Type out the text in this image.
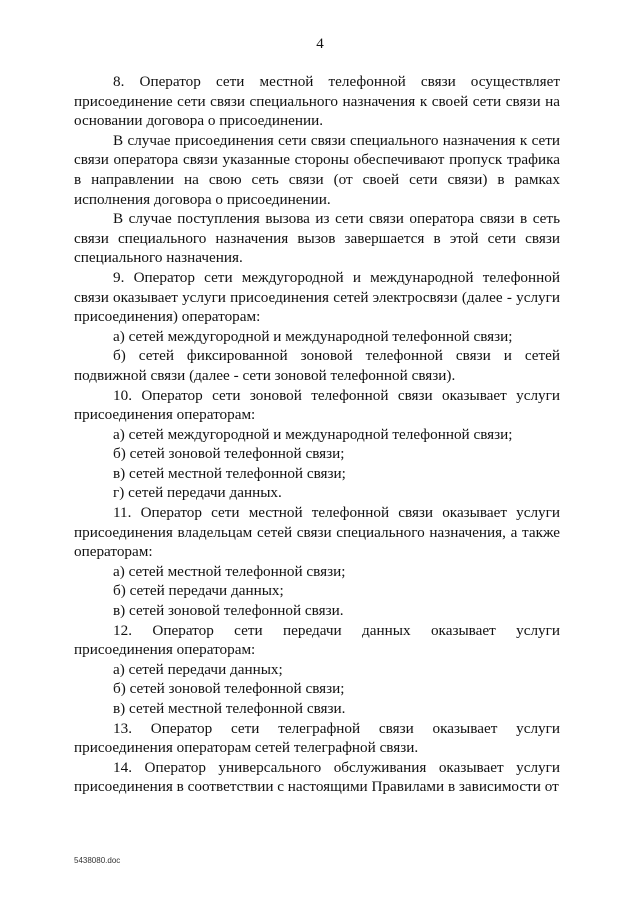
4

8. Оператор сети местной телефонной связи осуществляет присоединение сети связи специального назначения к своей сети связи на основании договора о присоединении.

В случае присоединения сети связи специального назначения к сети связи оператора связи указанные стороны обеспечивают пропуск трафика в направлении на свою сеть связи (от своей сети связи) в рамках исполнения договора о присоединении.

В случае поступления вызова из сети связи оператора связи в сеть связи специального назначения вызов завершается в этой сети связи специального назначения.

9. Оператор сети междугородной и международной телефонной связи оказывает услуги присоединения сетей электросвязи (далее - услуги присоединения) операторам:

а) сетей междугородной и международной телефонной связи;

б) сетей фиксированной зоновой телефонной связи и сетей подвижной связи (далее - сети зоновой телефонной связи).

10. Оператор сети зоновой телефонной связи оказывает услуги присоединения операторам:

а) сетей междугородной и международной телефонной связи;

б) сетей зоновой телефонной связи;

в) сетей местной телефонной связи;

г) сетей передачи данных.

11. Оператор сети местной телефонной связи оказывает услуги присоединения владельцам сетей связи специального назначения, а также операторам:

а) сетей местной телефонной связи;

б) сетей передачи данных;

в) сетей зоновой телефонной связи.

12. Оператор сети передачи данных оказывает услуги присоединения операторам:

а) сетей передачи данных;

б) сетей зоновой телефонной связи;

в) сетей местной телефонной связи.

13. Оператор сети телеграфной связи оказывает услуги присоединения операторам сетей телеграфной связи.

14. Оператор универсального обслуживания оказывает услуги присоединения в соответствии с настоящими Правилами в зависимости от

5438080.doc
